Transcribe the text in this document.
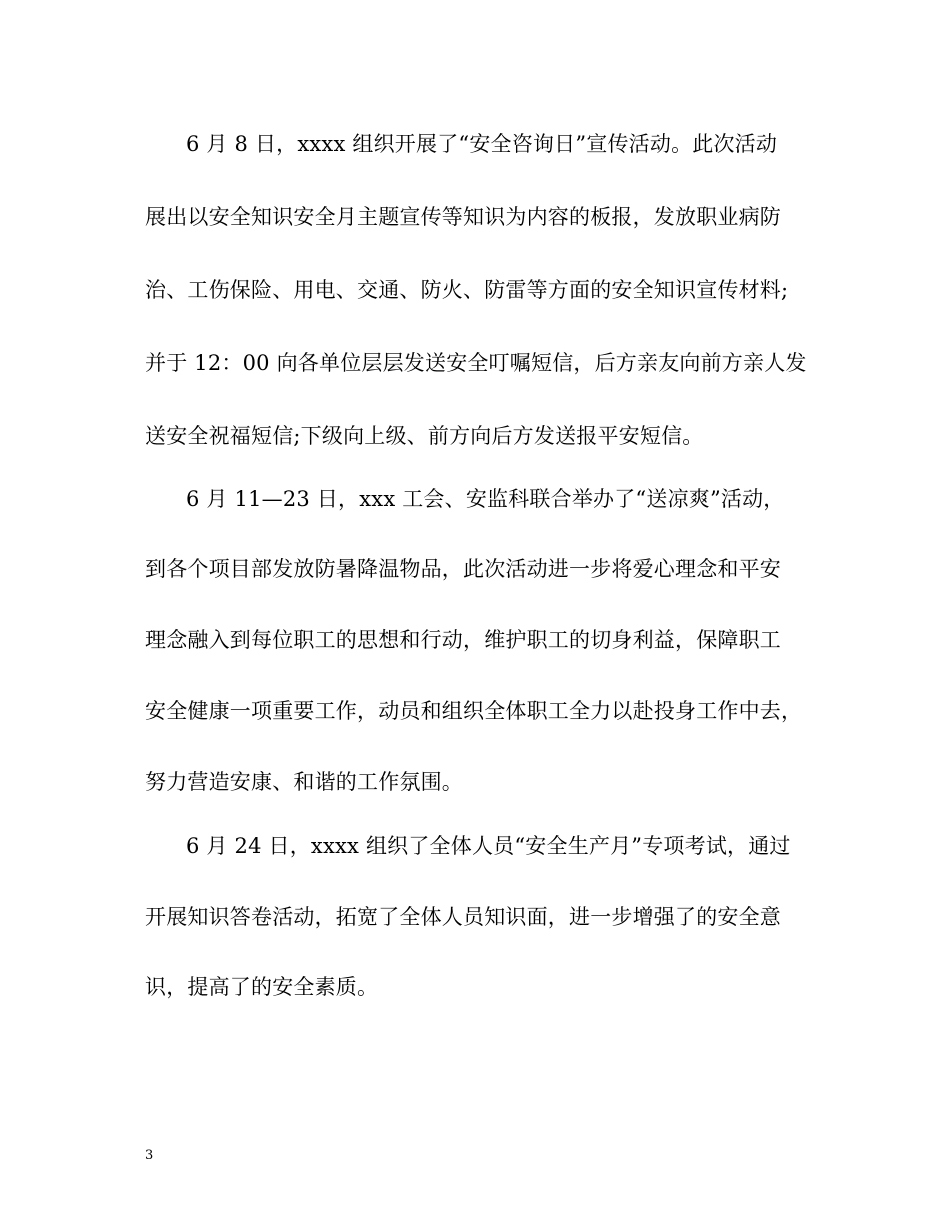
6 月 8 日，xxxx 组织开展了“安全咨询日”宣传活动。此次活动
展出以安全知识安全月主题宣传等知识为内容的板报，发放职业病防
治、工伤保险、用电、交通、防火、防雷等方面的安全知识宣传材料;
并于 12：00 向各单位层层发送安全叮嘱短信，后方亲友向前方亲人发
送安全祝福短信;下级向上级、前方向后方发送报平安短信。
6 月 11—23 日，xxx 工会、安监科联合举办了“送凉爽”活动，
到各个项目部发放防暑降温物品，此次活动进一步将爱心理念和平安
理念融入到每位职工的思想和行动，维护职工的切身利益，保障职工
安全健康一项重要工作，动员和组织全体职工全力以赴投身工作中去，
努力营造安康、和谐的工作氛围。
6 月 24 日，xxxx 组织了全体人员“安全生产月”专项考试，通过
开展知识答卷活动，拓宽了全体人员知识面，进一步增强了的安全意
识，提高了的安全素质。
3
